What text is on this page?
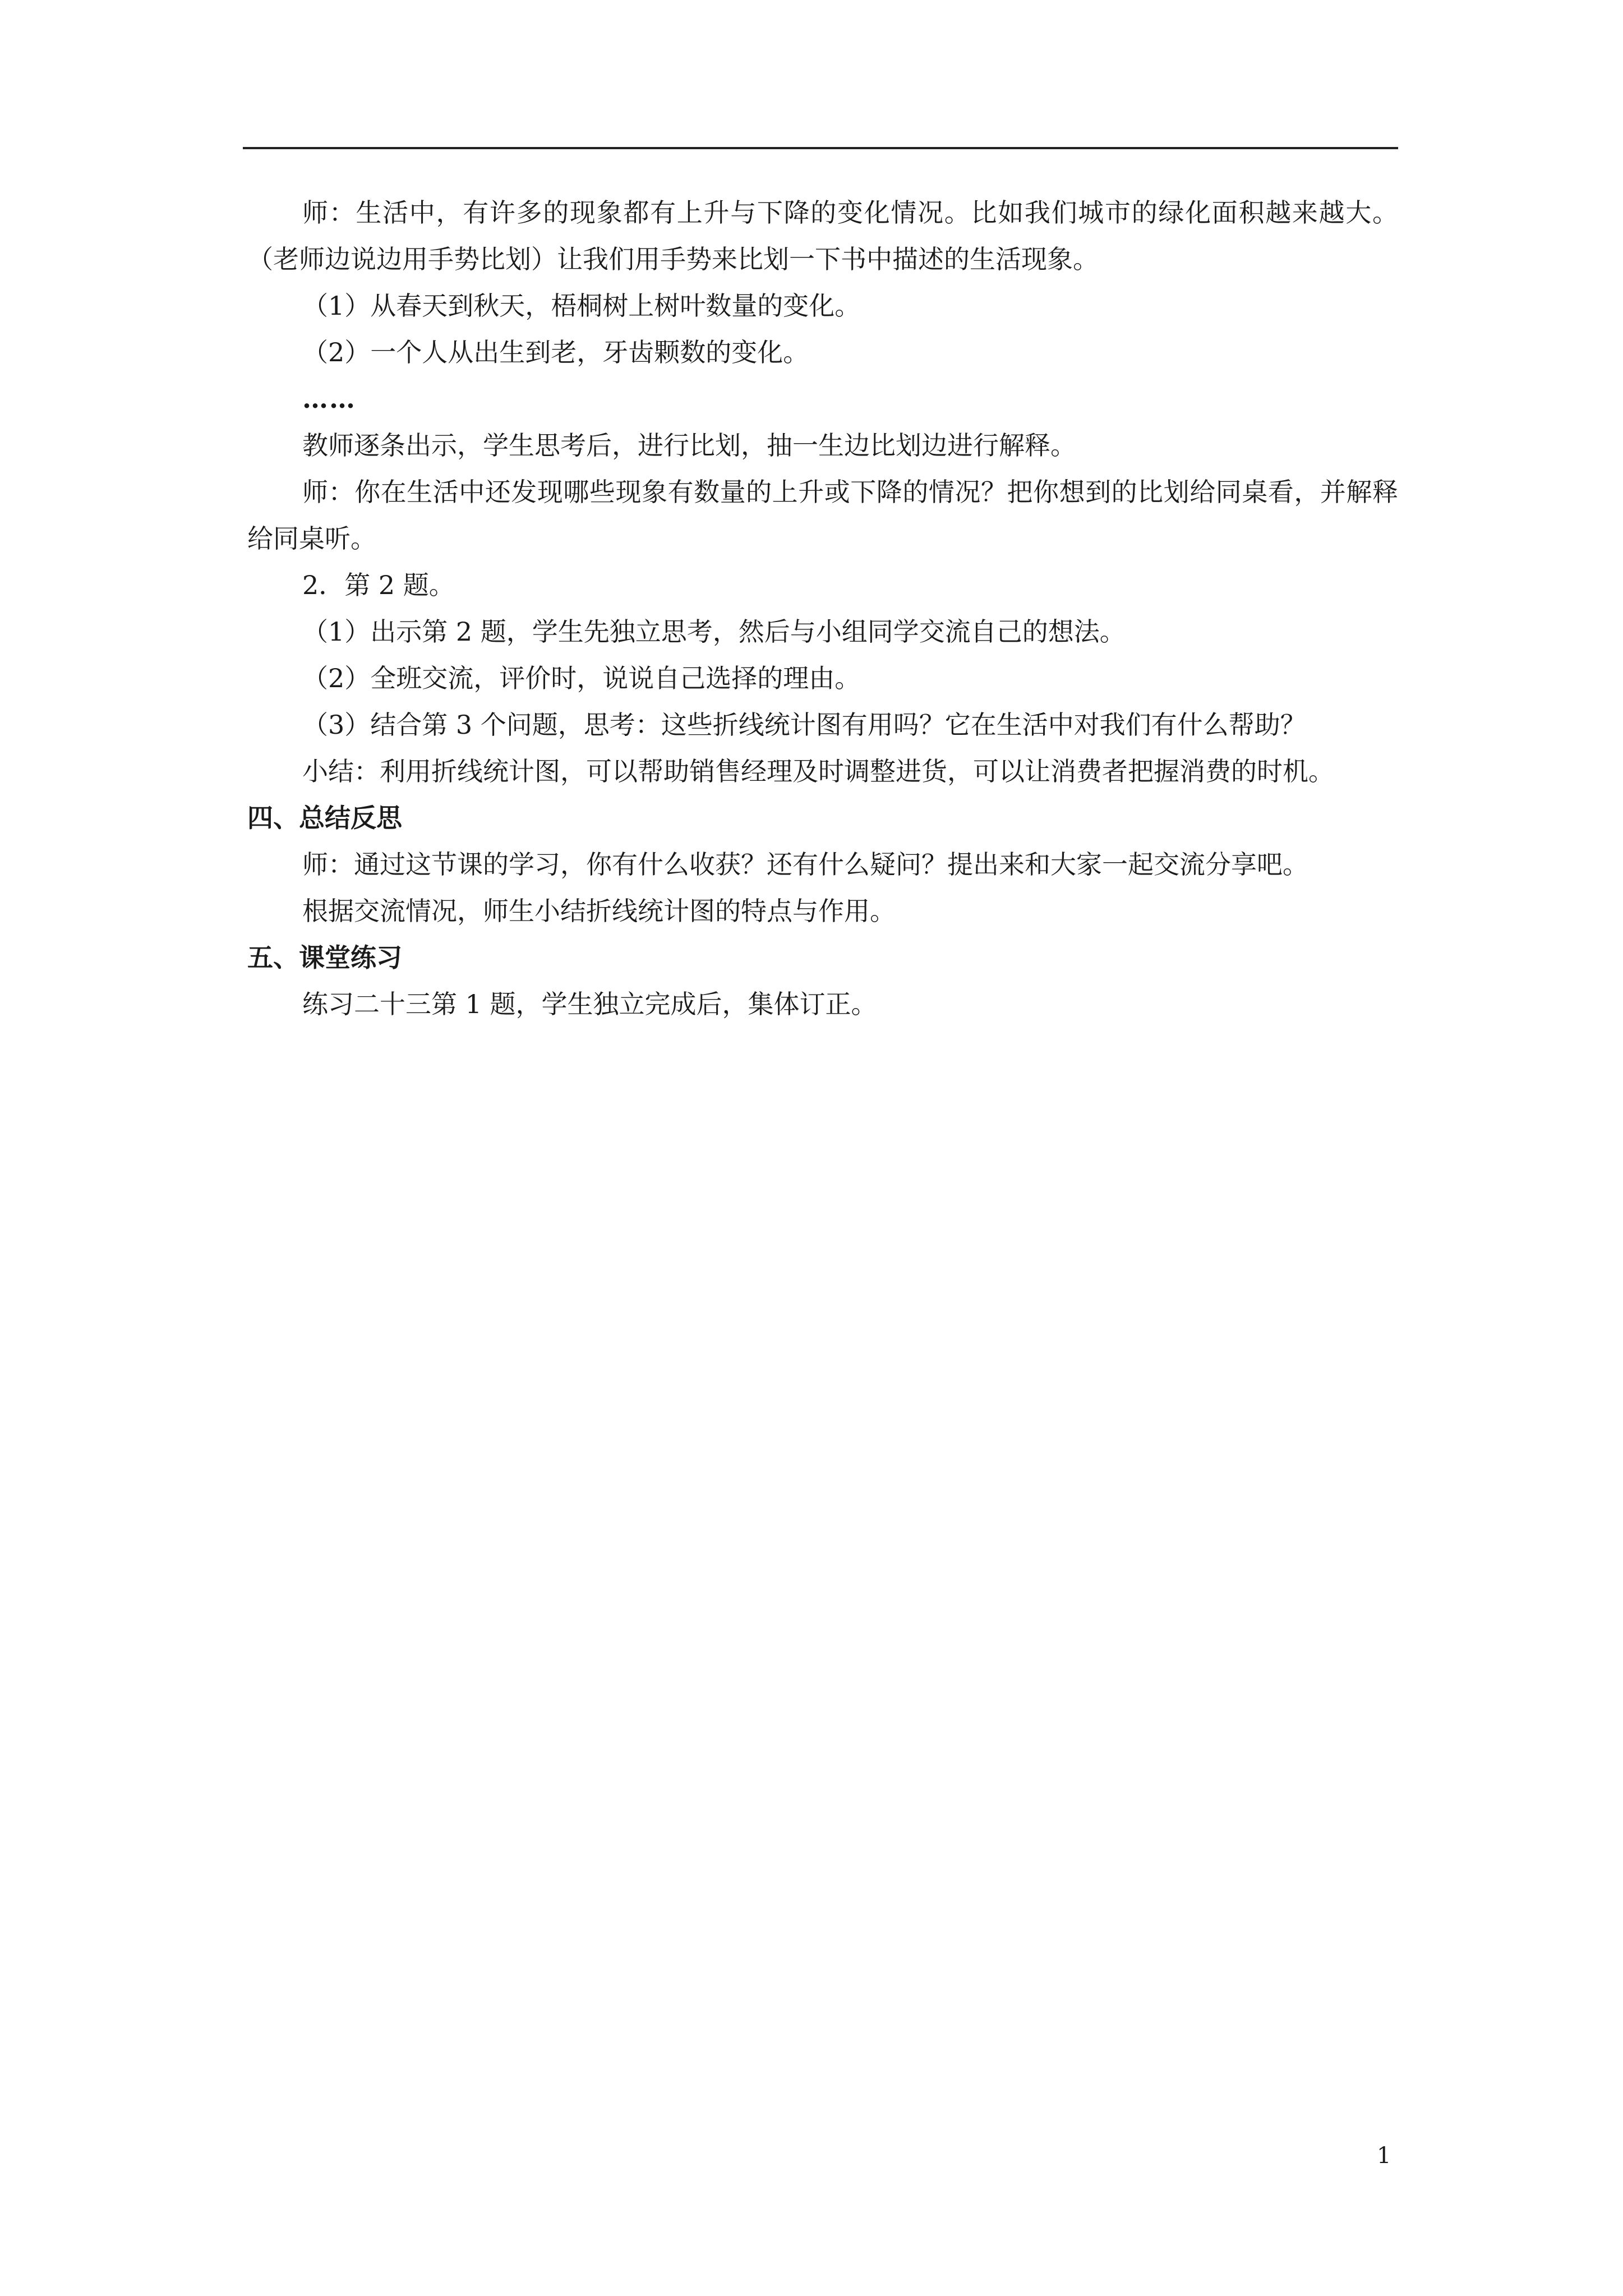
师：生活中，有许多的现象都有上升与下降的变化情况。比如我们城市的绿化面积越来越大。（老师边说边用手势比划）让我们用手势来比划一下书中描述的生活现象。

（1）从春天到秋天，梧桐树上树叶数量的变化。

（2）一个人从出生到老，牙齿颗数的变化。

……

教师逐条出示，学生思考后，进行比划，抽一生边比划边进行解释。

师：你在生活中还发现哪些现象有数量的上升或下降的情况？把你想到的比划给同桌看，并解释给同桌听。

2．第 2 题。

（1）出示第 2 题，学生先独立思考，然后与小组同学交流自己的想法。

（2）全班交流，评价时，说说自己选择的理由。

（3）结合第 3 个问题，思考：这些折线统计图有用吗？它在生活中对我们有什么帮助？

小结：利用折线统计图，可以帮助销售经理及时调整进货，可以让消费者把握消费的时机。

四、总结反思

师：通过这节课的学习，你有什么收获？还有什么疑问？提出来和大家一起交流分享吧。

根据交流情况，师生小结折线统计图的特点与作用。

五、课堂练习

练习二十三第 1 题，学生独立完成后，集体订正。

1
